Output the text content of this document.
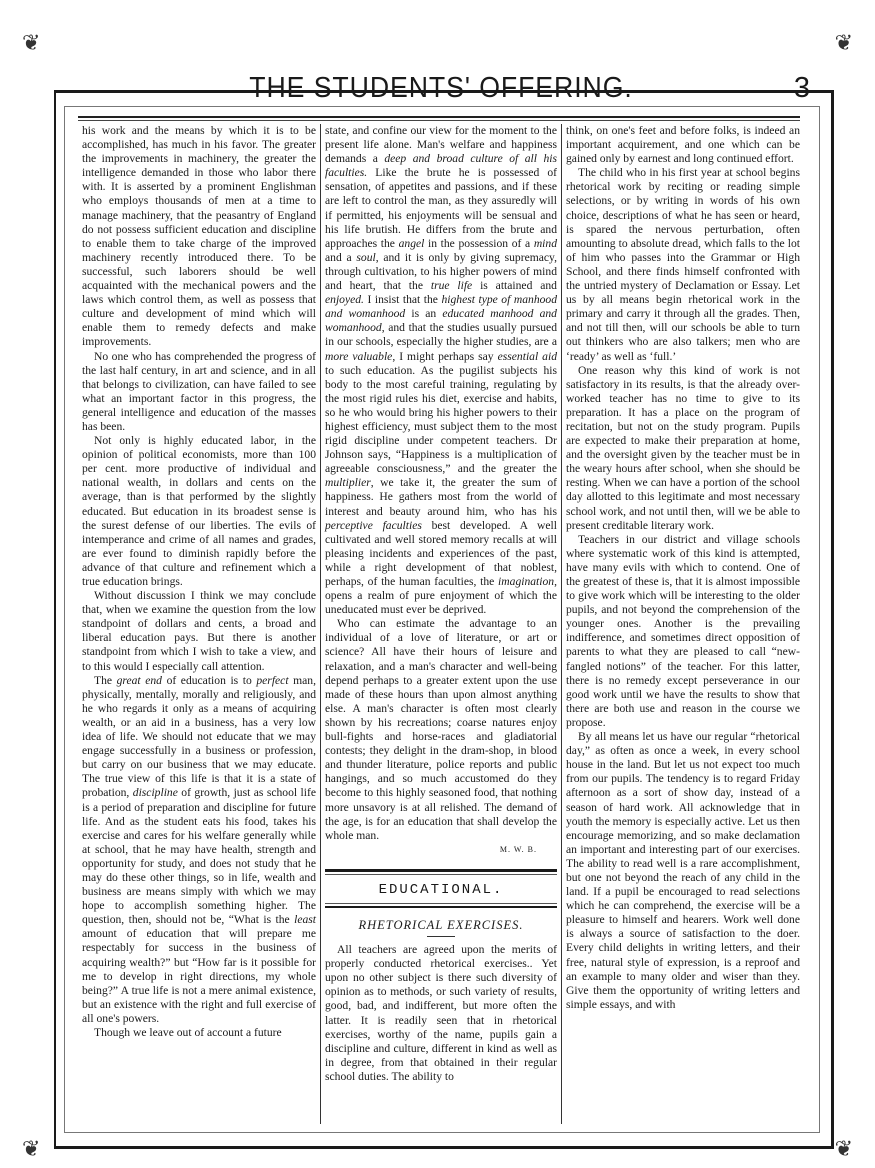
❦	❦
❦	❦
THE STUDENTS' OFFERING.	3

his work and the means by which it is to be accomplished, has much in his favor. The greater the improvements in machinery, the greater the intelligence demanded in those who labor there with. It is asserted by a prominent Englishman who employs thousands of men at a time to manage machinery, that the peasantry of England do not possess sufficient education and discipline to enable them to take charge of the improved machinery recently introduced there. To be successful, such laborers should be well acquainted with the mechanical powers and the laws which control them, as well as possess that culture and development of mind which will enable them to remedy defects and make improvements.

No one who has comprehended the progress of the last half century, in art and science, and in all that belongs to civilization, can have failed to see what an important factor in this progress, the general intelligence and education of the masses has been.

Not only is highly educated labor, in the opinion of political economists, more than 100 per cent. more productive of individual and national wealth, in dollars and cents on the average, than is that performed by the slightly educated. But education in its broadest sense is the surest defense of our liberties. The evils of intemperance and crime of all names and grades, are ever found to diminish rapidly before the advance of that culture and refinement which a true education brings.

Without discussion I think we may conclude that, when we examine the question from the low standpoint of dollars and cents, a broad and liberal education pays. But there is another standpoint from which I wish to take a view, and to this would I especially call attention.

The great end of education is to perfect man, physically, mentally, morally and religiously, and he who regards it only as a means of acquiring wealth, or an aid in a business, has a very low idea of life. We should not educate that we may engage successfully in a business or profession, but carry on our business that we may educate. The true view of this life is that it is a state of probation, discipline of growth, just as school life is a period of preparation and discipline for future life. And as the student eats his food, takes his exercise and cares for his welfare generally while at school, that he may have health, strength and opportunity for study, and does not study that he may do these other things, so in life, wealth and business are means simply with which we may hope to accomplish something higher. The question, then, should not be, “What is the least amount of education that will prepare me respectably for success in the business of acquiring wealth?” but “How far is it possible for me to develop in right directions, my whole being?” A true life is not a mere animal existence, but an existence with the right and full exercise of all one's powers.

Though we leave out of account a future

state, and confine our view for the moment to the present life alone. Man's welfare and happiness demands a deep and broad culture of all his faculties. Like the brute he is possessed of sensation, of appetites and passions, and if these are left to control the man, as they assuredly will if permitted, his enjoyments will be sensual and his life brutish. He differs from the brute and approaches the angel in the possession of a mind and a soul, and it is only by giving supremacy, through cultivation, to his higher powers of mind and heart, that the true life is attained and enjoyed. I insist that the highest type of manhood and womanhood is an educated manhood and womanhood, and that the studies usually pursued in our schools, especially the higher studies, are a more valuable, I might perhaps say essential aid to such education. As the pugilist subjects his body to the most careful training, regulating by the most rigid rules his diet, exercise and habits, so he who would bring his higher powers to their highest efficiency, must subject them to the most rigid discipline under competent teachers. Dr Johnson says, “Happiness is a multiplication of agreeable consciousness,” and the greater the multiplier, we take it, the greater the sum of happiness. He gathers most from the world of interest and beauty around him, who has his perceptive faculties best developed. A well cultivated and well stored memory recalls at will pleasing incidents and experiences of the past, while a right development of that noblest, perhaps, of the human faculties, the imagination, opens a realm of pure enjoyment of which the uneducated must ever be deprived.

Who can estimate the advantage to an individual of a love of literature, or art or science? All have their hours of leisure and relaxation, and a man's character and well-being depend perhaps to a greater extent upon the use made of these hours than upon almost anything else. A man's character is often most clearly shown by his recreations; coarse natures enjoy bull-fights and horse-races and gladiatorial contests; they delight in the dram-shop, in blood and thunder literature, police reports and public hangings, and so much accustomed do they become to this highly seasoned food, that nothing more unsavory is at all relished. The demand of the age, is for an education that shall develop the whole man.

M. W. B.
EDUCATIONAL.
RHETORICAL EXERCISES.

All teachers are agreed upon the merits of properly conducted rhetorical exercises.. Yet upon no other subject is there such diversity of opinion as to methods, or such variety of results, good, bad, and indifferent, but more often the latter. It is readily seen that in rhetorical exercises, worthy of the name, pupils gain a discipline and culture, different in kind as well as in degree, from that obtained in their regular school duties. The ability to

think, on one's feet and before folks, is indeed an important acquirement, and one which can be gained only by earnest and long continued effort.

The child who in his first year at school begins rhetorical work by reciting or reading simple selections, or by writing in words of his own choice, descriptions of what he has seen or heard, is spared the nervous perturbation, often amounting to absolute dread, which falls to the lot of him who passes into the Grammar or High School, and there finds himself confronted with the untried mystery of Declamation or Essay. Let us by all means begin rhetorical work in the primary and carry it through all the grades. Then, and not till then, will our schools be able to turn out thinkers who are also talkers; men who are ‘ready’ as well as ‘full.’

One reason why this kind of work is not satisfactory in its results, is that the already over-worked teacher has no time to give to its preparation. It has a place on the program of recitation, but not on the study program. Pupils are expected to make their preparation at home, and the oversight given by the teacher must be in the weary hours after school, when she should be resting. When we can have a portion of the school day allotted to this legitimate and most necessary school work, and not until then, will we be able to present creditable literary work.

Teachers in our district and village schools where systematic work of this kind is attempted, have many evils with which to contend. One of the greatest of these is, that it is almost impossible to give work which will be interesting to the older pupils, and not beyond the comprehension of the younger ones. Another is the prevailing indifference, and sometimes direct opposition of parents to what they are pleased to call “new-fangled notions” of the teacher. For this latter, there is no remedy except perseverance in our good work until we have the results to show that there are both use and reason in the course we propose.

By all means let us have our regular “rhetorical day,” as often as once a week, in every school house in the land. But let us not expect too much from our pupils. The tendency is to regard Friday afternoon as a sort of show day, instead of a season of hard work. All acknowledge that in youth the memory is especially active. Let us then encourage memorizing, and so make declamation an important and interesting part of our exercises. The ability to read well is a rare accomplishment, but one not beyond the reach of any child in the land. If a pupil be encouraged to read selections which he can comprehend, the exercise will be a pleasure to himself and hearers. Work well done is always a source of satisfaction to the doer. Every child delights in writing letters, and their free, natural style of expression, is a reproof and an example to many older and wiser than they. Give them the opportunity of writing letters and simple essays, and with
